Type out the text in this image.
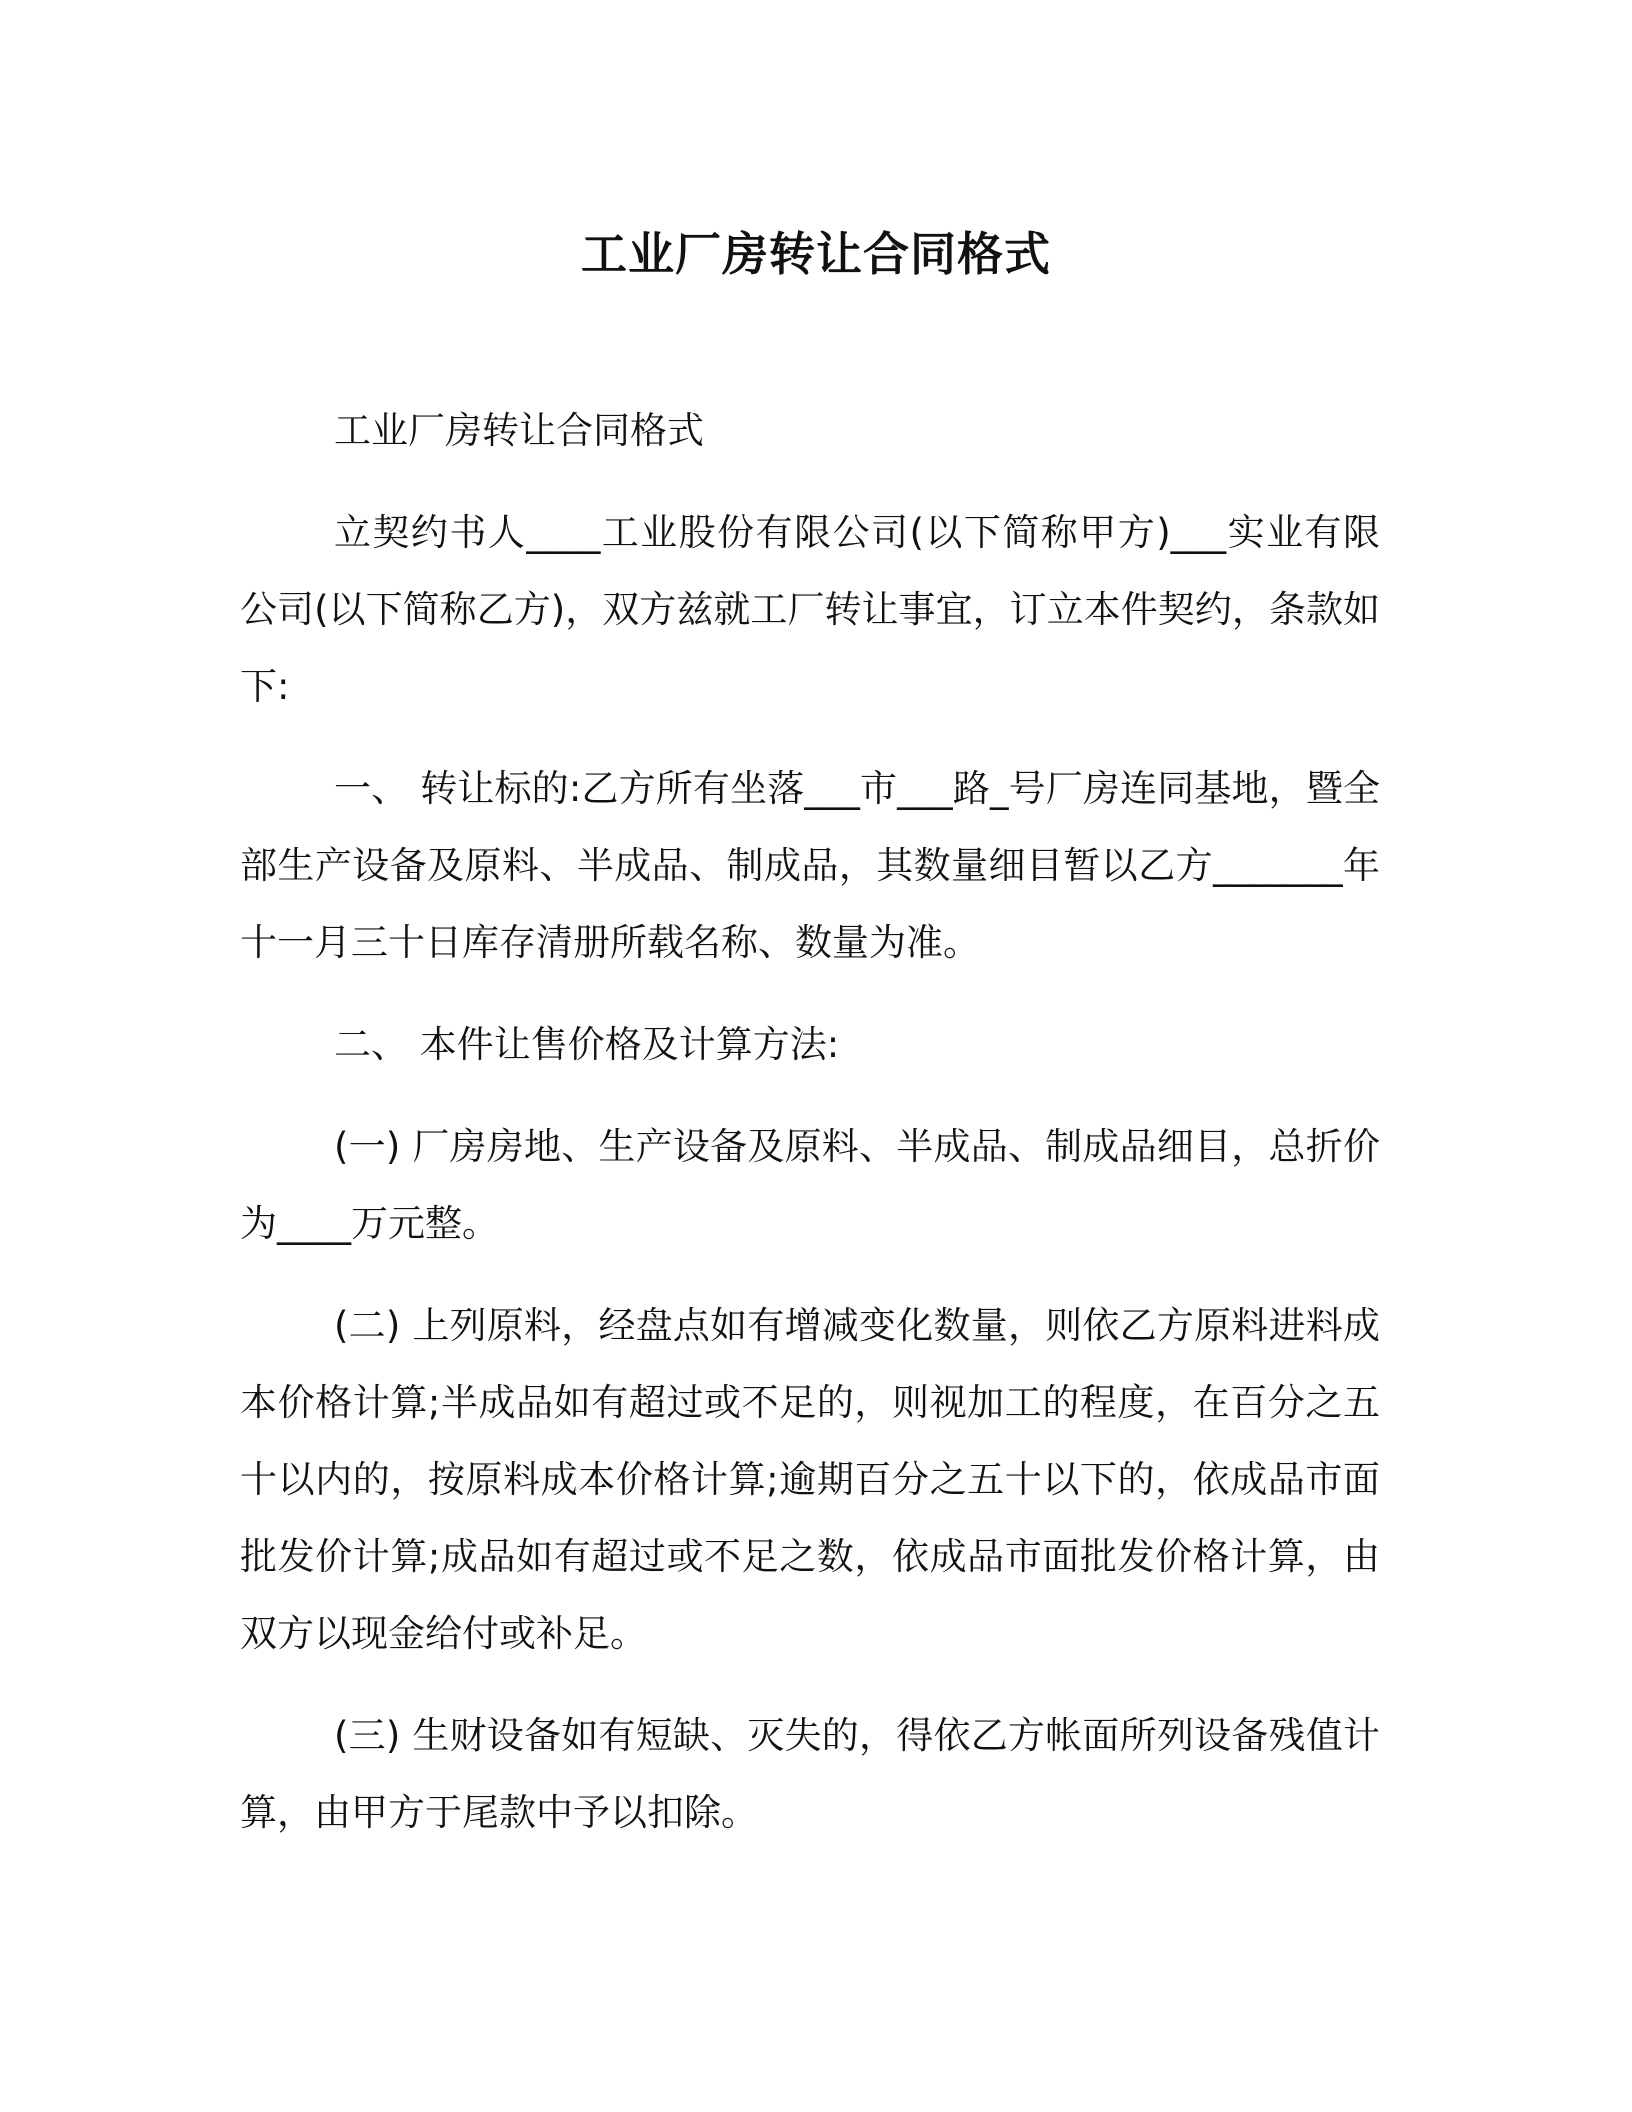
工业厂房转让合同格式

工业厂房转让合同格式

立契约书人____工业股份有限公司(以下简称甲方)___实业有限公司(以下简称乙方)，双方兹就工厂转让事宜，订立本件契约，条款如下:

一、 转让标的:乙方所有坐落___市___路_号厂房连同基地，暨全部生产设备及原料、半成品、制成品，其数量细目暂以乙方_______年十一月三十日库存清册所载名称、数量为准。

二、 本件让售价格及计算方法:

(一) 厂房房地、生产设备及原料、半成品、制成品细目，总折价为____万元整。

(二) 上列原料，经盘点如有增减变化数量，则依乙方原料进料成本价格计算;半成品如有超过或不足的，则视加工的程度，在百分之五十以内的，按原料成本价格计算;逾期百分之五十以下的，依成品市面批发价计算;成品如有超过或不足之数，依成品市面批发价格计算，由双方以现金给付或补足。

(三) 生财设备如有短缺、灭失的，得依乙方帐面所列设备残值计算，由甲方于尾款中予以扣除。
